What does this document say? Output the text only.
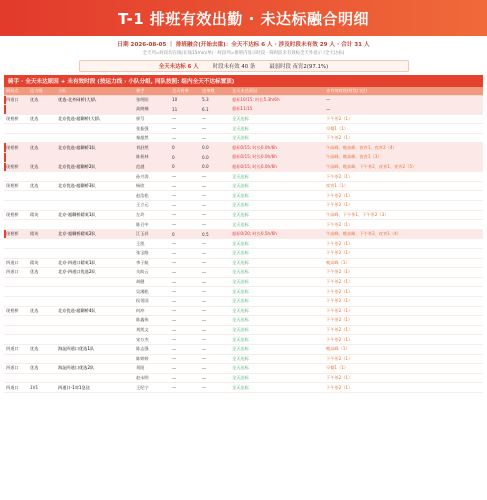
T-1 排班有效出勤 · 未达标融合明细
日期 2026-08-05 ｜ 排班融合(开始去重)：全天不达标 6 人 · 涉及时段未有效 29 人 · 合计 31 人
全天列=时段均在线(在线15min/单) · 时段列=排班内显示时段 · 筛时段未有效标全天外显示 (全天达标)
全天未达标 6 人	时段未有效 40 条	最弱时段 夜宵2(97.1%)
骑手 · 全天未达原因 + 未有效时段 (按运力线 › 小队分组, 同队按照: 组内全天不达标置顶)
网站点	运力线	小队	骑手	全天有单	达单数	全天未达原因	未有效时段(时段口径)
四道口	优选	优选-北外网桥(大)队	张明阳	10	5.3	超标10/15; 时长5.3h/6h	—
			高晓楠	11	6.1	超标11/15	—
现相桥	优选	北京优选-超聊桥(大)队	崔号	—	—	全天达标	下午茶2（1）
			张振强	—	—	全天达标	早餐1（1）
			秦超然	—	—	全天达标	下午茶2（1）
现相桥	优选	北京优选-超聊桥1队	刘舒然	0	0.0	超标0/15; 时长0.0h/6h	午高峰、晚高峰、夜宵1、夜宵2（4）
			陈枢林	0	0.0	超标0/15; 时长0.0h/6h	午高峰、晚高峰、夜宵1（3）
现相桥	优选	北京优选-超聊桥2队	范越	0	0.0	超标0/15; 时长0.0h/6h	午高峰、晚高峰、下午茶2、夜宵1、夜宵2（5）
			孙兴涛	—	—	全天达标	下午茶2（1）
现相桥	优选	北京优选-超聊桥3队	杨欣	—	—	全天达标	夜宵1（1）
			赵浩松	—	—	全天达标	下午茶2（1）
			王立元	—	—	全天达标	下午茶2（1）
现相桥	精英	北京-超聊桥精英1队	左玲	—	—	全天达标	午高峰、下午茶1、下午茶2（3）
			陈召中	—	—	全天达标	下午茶2（1）
现相桥	精英	北京-超聊桥精英2队	江玉祥	0	0.5	超标0/20; 时长0.5h/6h	午高峰、晚高峰、下午茶2、夜宵1（4）
			王凯	—	—	全天达标	下午茶2（1）
			张宝路	—	—	全天达标	下午茶2（1）
四道口	精英	北京-四道口精英1队	李子航	—	—	全天达标	晚高峰（1）
四道口	优选	北京-四道口优选2队	关助云	—	—	全天达标	下午茶2（1）
			胡健	—	—	全天达标	下午茶2（1）
			吴湘松	—	—	全天达标	下午茶2（1）
			侯男国	—	—	全天达标	下午茶2（1）
现相桥	优选	北京优选-超聊桥4队	何冲	—	—	全天达标	下午茶2（1）
			陈鑫伟	—	—	全天达标	下午茶2（1）
			刘凯文	—	—	全天达标	下午茶2（1）
			宋万杰	—	—	全天达标	下午茶2（1）
四道口	优选	海淀四道口优选1队	陈志强	—	—	全天达标	晚高峰（1）
			陈婷婷	—	—	全天达标	下午茶2（1）
四道口	优选	海淀四道口优选2队	刘阳	—	—	全天达标	早餐1（1）
			赵永明	—	—	全天达标	下午茶2（1）
四道口	1V1	四道口-1对1急送	王纪宁	—	—	全天达标	下午茶2（1）
